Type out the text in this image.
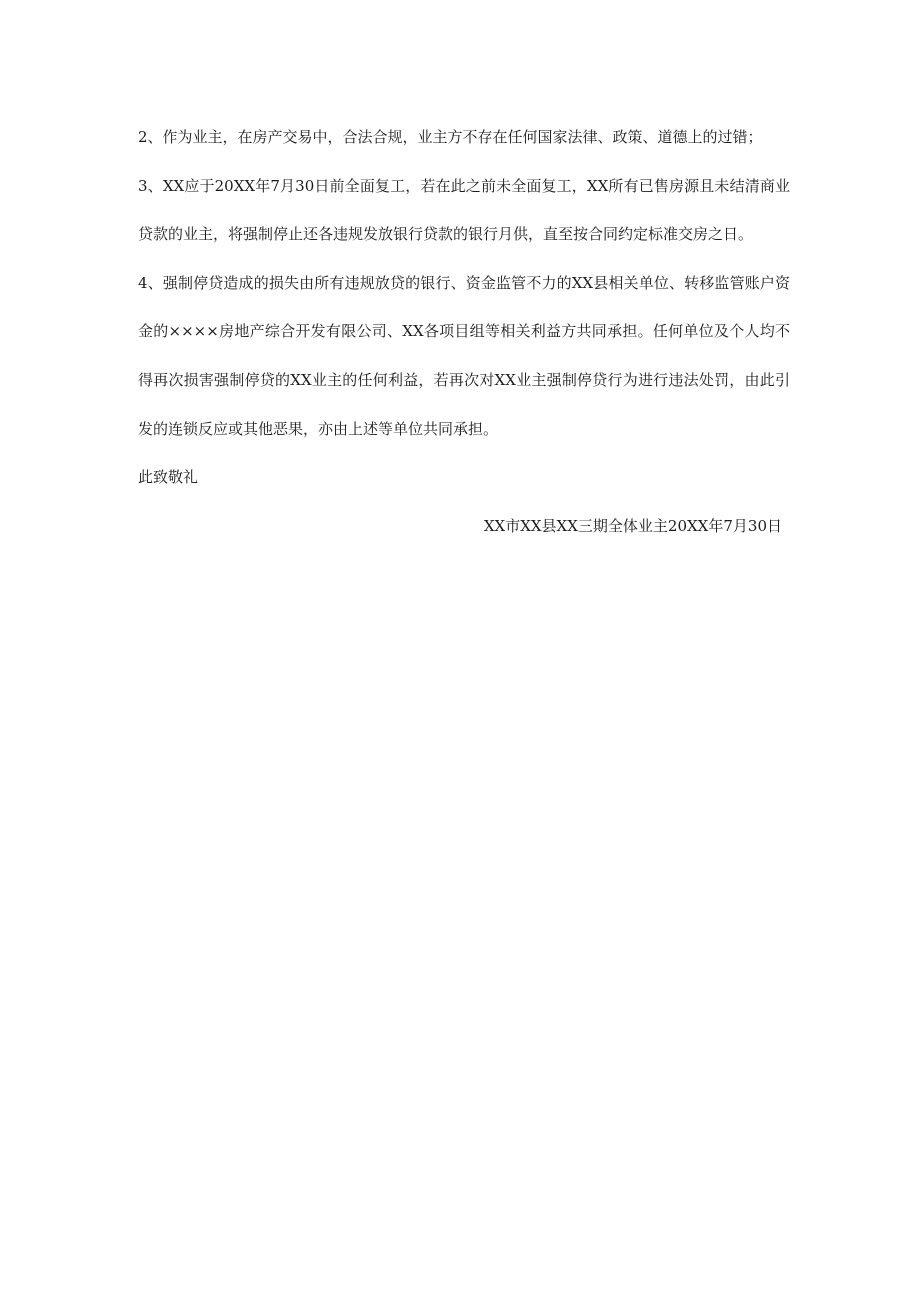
2、作为业主，在房产交易中，合法合规，业主方不存在任何国家法律、政策、道德上的过错；

3、XX应于20XX年7月30日前全面复工，若在此之前未全面复工，XX所有已售房源且未结清商业贷款的业主，将强制停止还各违规发放银行贷款的银行月供，直至按合同约定标准交房之日。

4、强制停贷造成的损失由所有违规放贷的银行、资金监管不力的XX县相关单位、转移监管账户资金的××××房地产综合开发有限公司、XX各项目组等相关利益方共同承担。任何单位及个人均不得再次损害强制停贷的XX业主的任何利益，若再次对XX业主强制停贷行为进行违法处罚，由此引发的连锁反应或其他恶果，亦由上述等单位共同承担。

此致敬礼

XX市XX县XX三期全体业主20XX年7月30日
